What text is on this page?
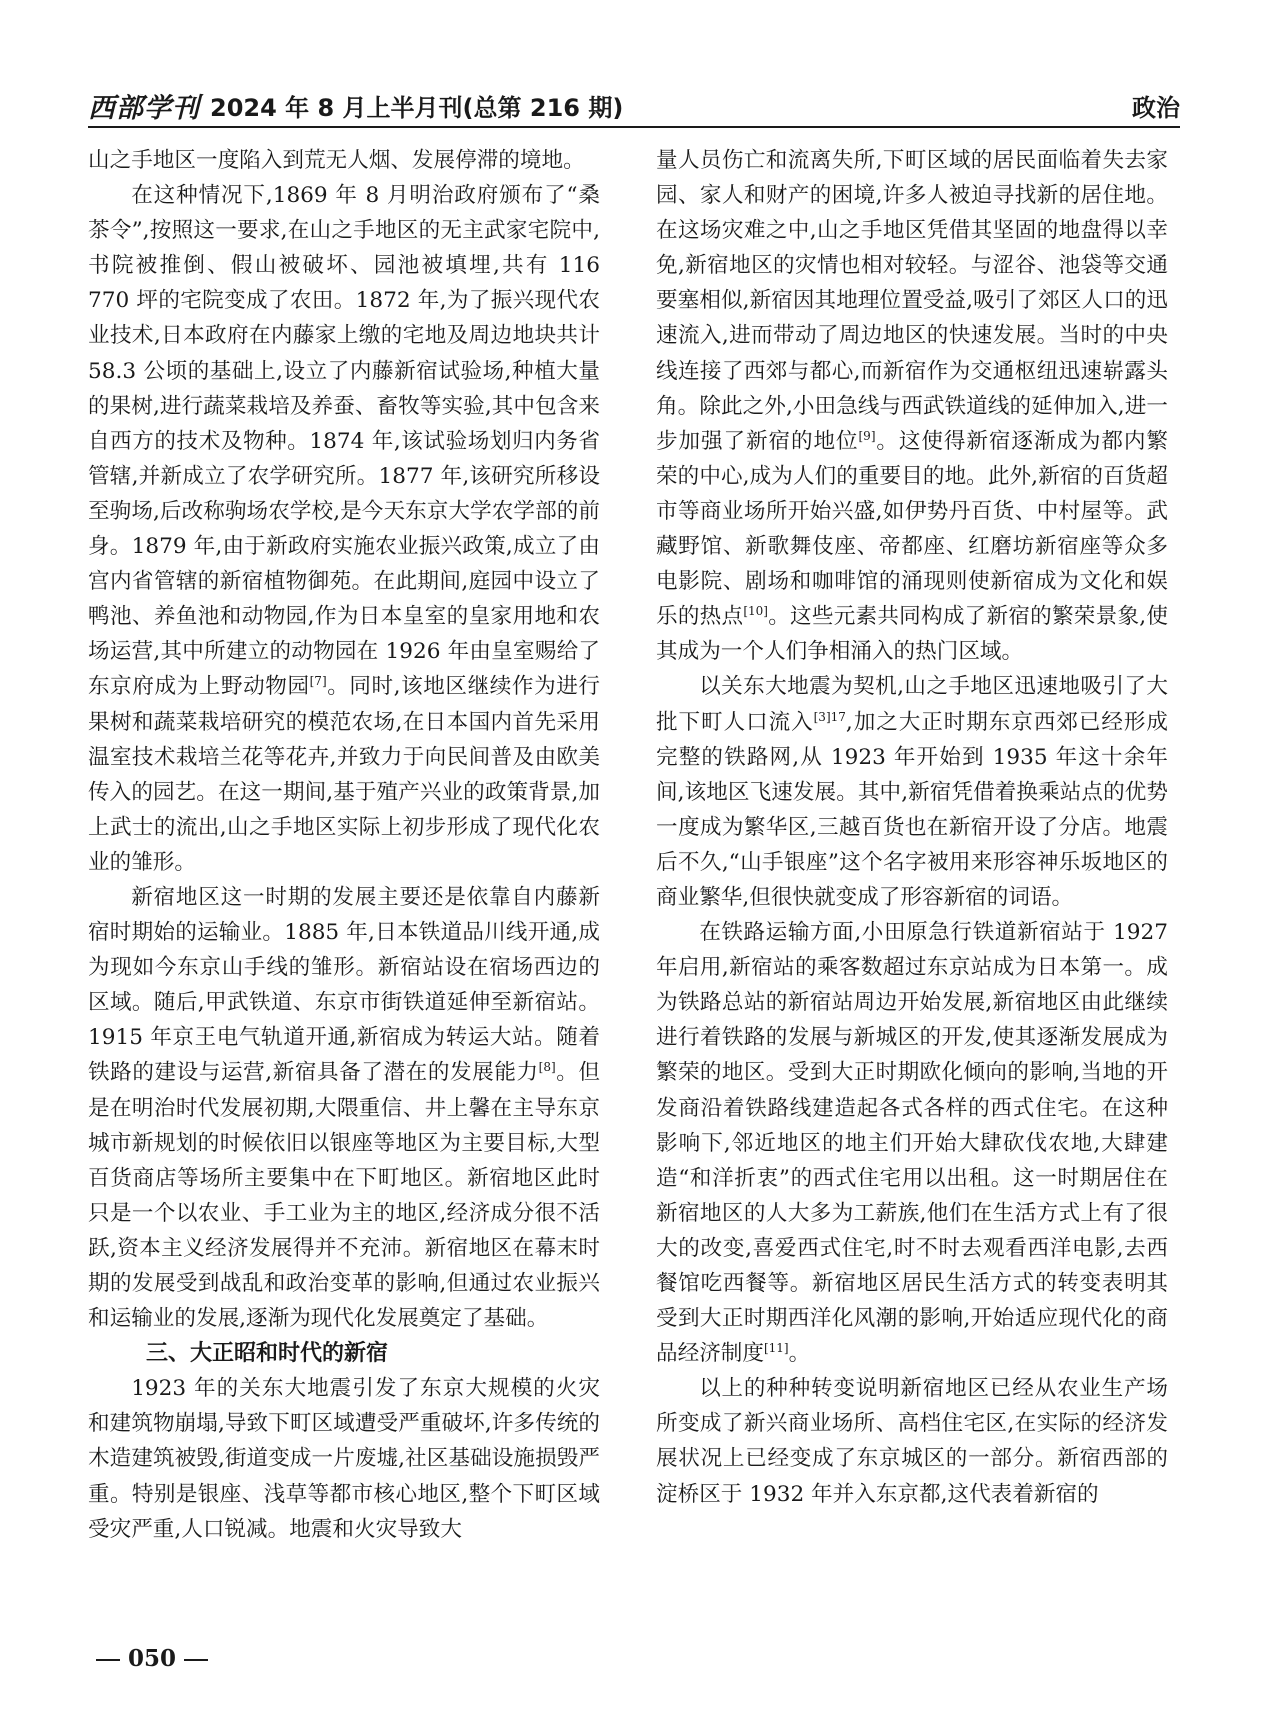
西部学刊 2024 年 8 月上半月刊(总第 216 期)	政治

山之手地区一度陷入到荒无人烟、发展停滞的境地。

在这种情况下,1869 年 8 月明治政府颁布了“桑茶令”,按照这一要求,在山之手地区的无主武家宅院中,书院被推倒、假山被破坏、园池被填埋,共有 116 770 坪的宅院变成了农田。1872 年,为了振兴现代农业技术,日本政府在内藤家上缴的宅地及周边地块共计 58.3 公顷的基础上,设立了内藤新宿试验场,种植大量的果树,进行蔬菜栽培及养蚕、畜牧等实验,其中包含来自西方的技术及物种。1874 年,该试验场划归内务省管辖,并新成立了农学研究所。1877 年,该研究所移设至驹场,后改称驹场农学校,是今天东京大学农学部的前身。1879 年,由于新政府实施农业振兴政策,成立了由宫内省管辖的新宿植物御苑。在此期间,庭园中设立了鸭池、养鱼池和动物园,作为日本皇室的皇家用地和农场运营,其中所建立的动物园在 1926 年由皇室赐给了东京府成为上野动物园[7]。同时,该地区继续作为进行果树和蔬菜栽培研究的模范农场,在日本国内首先采用温室技术栽培兰花等花卉,并致力于向民间普及由欧美传入的园艺。在这一期间,基于殖产兴业的政策背景,加上武士的流出,山之手地区实际上初步形成了现代化农业的雏形。

新宿地区这一时期的发展主要还是依靠自内藤新宿时期始的运输业。1885 年,日本铁道品川线开通,成为现如今东京山手线的雏形。新宿站设在宿场西边的区域。随后,甲武铁道、东京市街铁道延伸至新宿站。1915 年京王电气轨道开通,新宿成为转运大站。随着铁路的建设与运营,新宿具备了潜在的发展能力[8]。但是在明治时代发展初期,大隈重信、井上馨在主导东京城市新规划的时候依旧以银座等地区为主要目标,大型百货商店等场所主要集中在下町地区。新宿地区此时只是一个以农业、手工业为主的地区,经济成分很不活跃,资本主义经济发展得并不充沛。新宿地区在幕末时期的发展受到战乱和政治变革的影响,但通过农业振兴和运输业的发展,逐渐为现代化发展奠定了基础。

三、大正昭和时代的新宿

1923 年的关东大地震引发了东京大规模的火灾和建筑物崩塌,导致下町区域遭受严重破坏,许多传统的木造建筑被毁,街道变成一片废墟,社区基础设施损毁严重。特别是银座、浅草等都市核心地区,整个下町区域受灾严重,人口锐减。地震和火灾导致大

量人员伤亡和流离失所,下町区域的居民面临着失去家园、家人和财产的困境,许多人被迫寻找新的居住地。在这场灾难之中,山之手地区凭借其坚固的地盘得以幸免,新宿地区的灾情也相对较轻。与涩谷、池袋等交通要塞相似,新宿因其地理位置受益,吸引了郊区人口的迅速流入,进而带动了周边地区的快速发展。当时的中央线连接了西郊与都心,而新宿作为交通枢纽迅速崭露头角。除此之外,小田急线与西武铁道线的延伸加入,进一步加强了新宿的地位[9]。这使得新宿逐渐成为都内繁荣的中心,成为人们的重要目的地。此外,新宿的百货超市等商业场所开始兴盛,如伊势丹百货、中村屋等。武藏野馆、新歌舞伎座、帝都座、红磨坊新宿座等众多电影院、剧场和咖啡馆的涌现则使新宿成为文化和娱乐的热点[10]。这些元素共同构成了新宿的繁荣景象,使其成为一个人们争相涌入的热门区域。

以关东大地震为契机,山之手地区迅速地吸引了大批下町人口流入$^{[3]17}$,加之大正时期东京西郊已经形成完整的铁路网,从 1923 年开始到 1935 年这十余年间,该地区飞速发展。其中,新宿凭借着换乘站点的优势一度成为繁华区,三越百货也在新宿开设了分店。地震后不久,“山手银座”这个名字被用来形容神乐坂地区的商业繁华,但很快就变成了形容新宿的词语。

在铁路运输方面,小田原急行铁道新宿站于 1927 年启用,新宿站的乘客数超过东京站成为日本第一。成为铁路总站的新宿站周边开始发展,新宿地区由此继续进行着铁路的发展与新城区的开发,使其逐渐发展成为繁荣的地区。受到大正时期欧化倾向的影响,当地的开发商沿着铁路线建造起各式各样的西式住宅。在这种影响下,邻近地区的地主们开始大肆砍伐农地,大肆建造“和洋折衷”的西式住宅用以出租。这一时期居住在新宿地区的人大多为工薪族,他们在生活方式上有了很大的改变,喜爱西式住宅,时不时去观看西洋电影,去西餐馆吃西餐等。新宿地区居民生活方式的转变表明其受到大正时期西洋化风潮的影响,开始适应现代化的商品经济制度[11]。

以上的种种转变说明新宿地区已经从农业生产场所变成了新兴商业场所、高档住宅区,在实际的经济发展状况上已经变成了东京城区的一部分。新宿西部的淀桥区于 1932 年并入东京都,这代表着新宿的

050
